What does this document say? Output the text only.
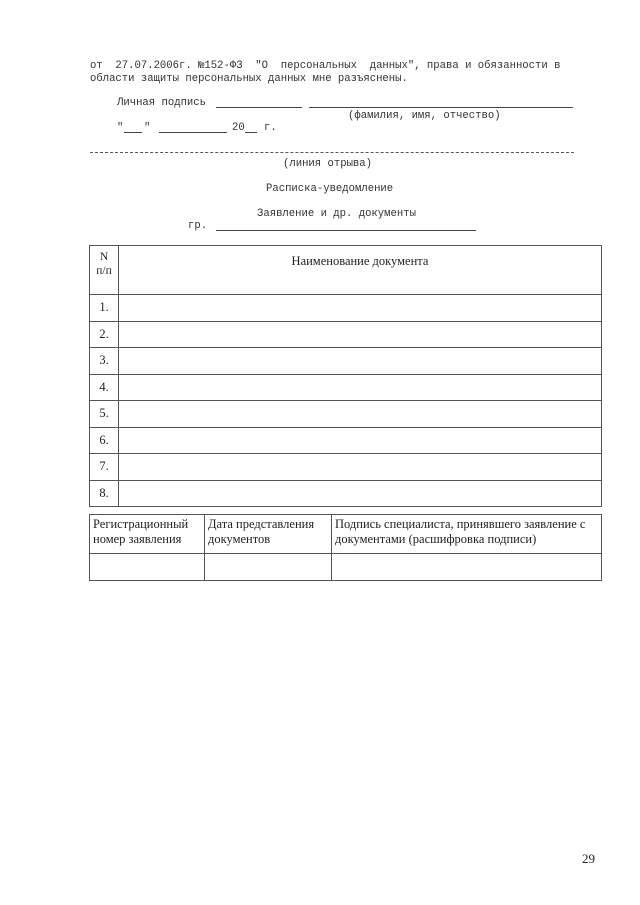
от  27.07.2006г. №152-ФЗ  "О  персональных  данных", права и обязанности в
области защиты персональных данных мне разъяснены.
Личная подпись
(фамилия, имя, отчество)
" "	20 г.
(линия отрыва)
Расписка-уведомление
Заявление и др. документы
гр.
N
п/п	Наименование документа
1.	
2.	
3.	
4.	
5.	
6.	
7.	
8.	
Регистрационный номер заявления	Дата представления документов	Подпись специалиста, принявшего заявление с документами (расшифровка подписи)

29
